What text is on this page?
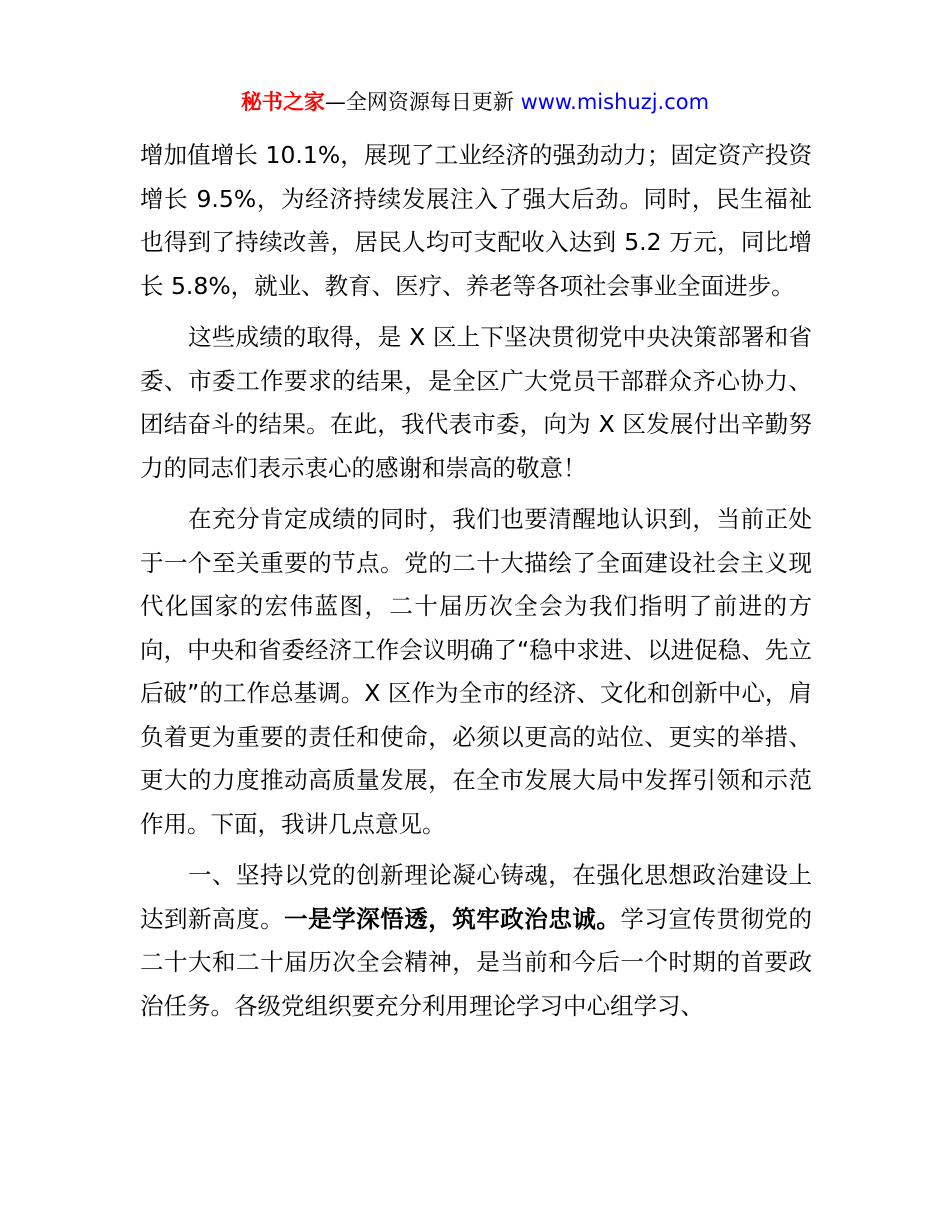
秘书之家—全网资源每日更新 www.mishuzj.com

增加值增长 10.1%，展现了工业经济的强劲动力；固定资产投资增长 9.5%，为经济持续发展注入了强大后劲。同时，民生福祉也得到了持续改善，居民人均可支配收入达到 5.2 万元，同比增长 5.8%，就业、教育、医疗、养老等各项社会事业全面进步。

这些成绩的取得，是 X 区上下坚决贯彻党中央决策部署和省委、市委工作要求的结果，是全区广大党员干部群众齐心协力、团结奋斗的结果。在此，我代表市委，向为 X 区发展付出辛勤努力的同志们表示衷心的感谢和崇高的敬意！

在充分肯定成绩的同时，我们也要清醒地认识到，当前正处于一个至关重要的节点。党的二十大描绘了全面建设社会主义现代化国家的宏伟蓝图，二十届历次全会为我们指明了前进的方向，中央和省委经济工作会议明确了“稳中求进、以进促稳、先立后破”的工作总基调。X 区作为全市的经济、文化和创新中心，肩负着更为重要的责任和使命，必须以更高的站位、更实的举措、更大的力度推动高质量发展，在全市发展大局中发挥引领和示范作用。下面，我讲几点意见。

一、坚持以党的创新理论凝心铸魂，在强化思想政治建设上达到新高度。一是学深悟透，筑牢政治忠诚。学习宣传贯彻党的二十大和二十届历次全会精神，是当前和今后一个时期的首要政治任务。各级党组织要充分利用理论学习中心组学习、
